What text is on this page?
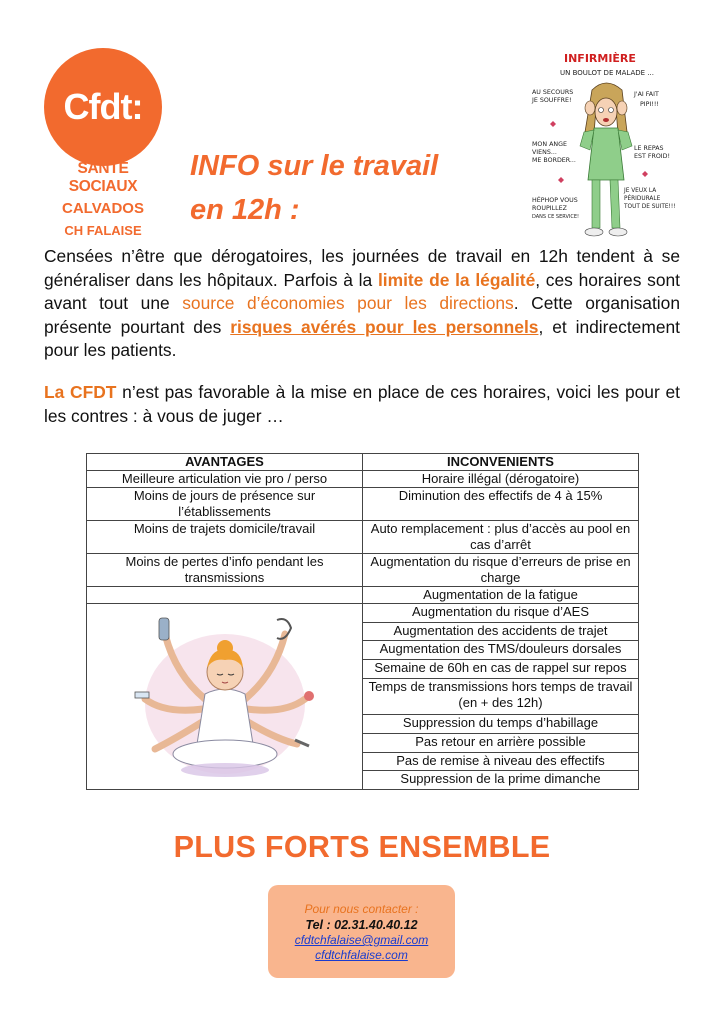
Cfdt:
SANTE SOCIAUX
CALVADOS
CH FALAISE
INFO sur le travail
en 12h :
INFIRMIÈRE
UN BOULOT DE MALADE ...
AU SECOURS
JE SOUFFRE!
J'AI FAIT
PIPI!!!
MON ANGE
VIENS...
ME BORDER...
LE REPAS
EST FROID!
HÉPHOP VOUS
ROUPILLEZ
DANS CE SERVICE!
JE VEUX LA
PÉRIDURALE
TOUT DE SUITE!!!
Censées n’être que dérogatoires, les journées de travail en 12h tendent à se généraliser dans les hôpitaux. Parfois à la limite de la légalité, ces horaires sont avant tout une source d’économies pour les directions. Cette organisation présente pourtant des risques avérés pour les personnels, et indirectement pour les patients.
La CFDT n’est pas favorable à la mise en place de ces horaires, voici les pour et les contres : à vous de juger …
AVANTAGES	INCONVENIENTS
Meilleure articulation vie pro / perso	Horaire illégal (dérogatoire)
Moins de jours de présence sur l’établissements	Diminution des effectifs de 4 à 15%
Moins de trajets domicile/travail	Auto remplacement : plus d’accès au pool en cas d’arrêt
Moins de pertes d’info pendant les transmissions	Augmentation du risque d’erreurs de prise en charge
	Augmentation de la fatigue

	Augmentation du risque d’AES
	Augmentation des accidents de trajet
	Augmentation des TMS/douleurs dorsales
	Semaine de 60h en cas de rappel sur repos
	Temps de transmissions hors temps de travail (en + des 12h)
	Suppression du temps d’habillage
	Pas retour en arrière possible
	Pas de remise à niveau des effectifs
	Suppression de la prime dimanche
PLUS FORTS ENSEMBLE
Pour nous contacter :
Tel : 02.31.40.40.12
cfdtchfalaise@gmail.com
cfdtchfalaise.com
